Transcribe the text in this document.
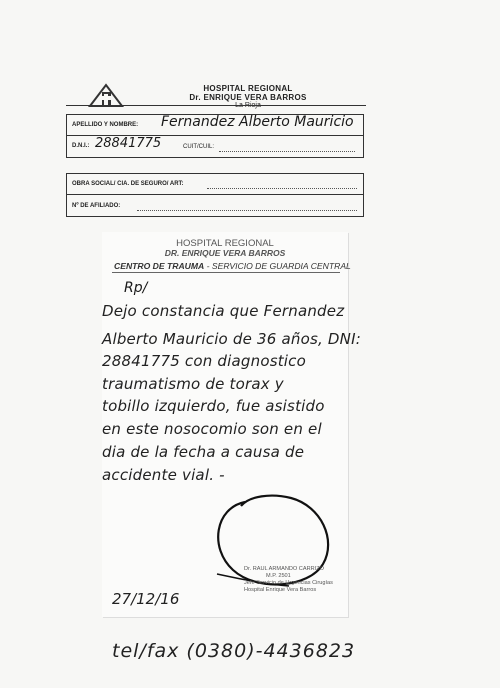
HOSPITAL REGIONAL
Dr. ENRIQUE VERA BARROS
APELLIDO Y NOMBRE: Fernandez Alberto Mauricio
D.N.I.: 28841775	CUIT/CUIL:
OBRA SOCIAL/ CIA. DE SEGURO/ ART:
Nº DE AFILIADO:
HOSPITAL REGIONAL
DR. ENRIQUE VERA BARROS
CENTRO DE TRAUMA - SERVICIO DE GUARDIA CENTRAL
Rp/
Dejo constancia que Fernandez
Alberto Mauricio de 36 años, DNI:
28841775 con diagnostico
traumatismo de torax y
tobillo izquierdo, fue asistido
en este nosocomio son en el
dia de la fecha a causa de
accidente vial. -
Dr. RAUL ARMANDO CARRIZO
M.P. 2501
Jefe Servicio de Urgencias Cirugías
Hospital Enrique Vera Barros
27/12/16
tel/fax (0380)-4436823
